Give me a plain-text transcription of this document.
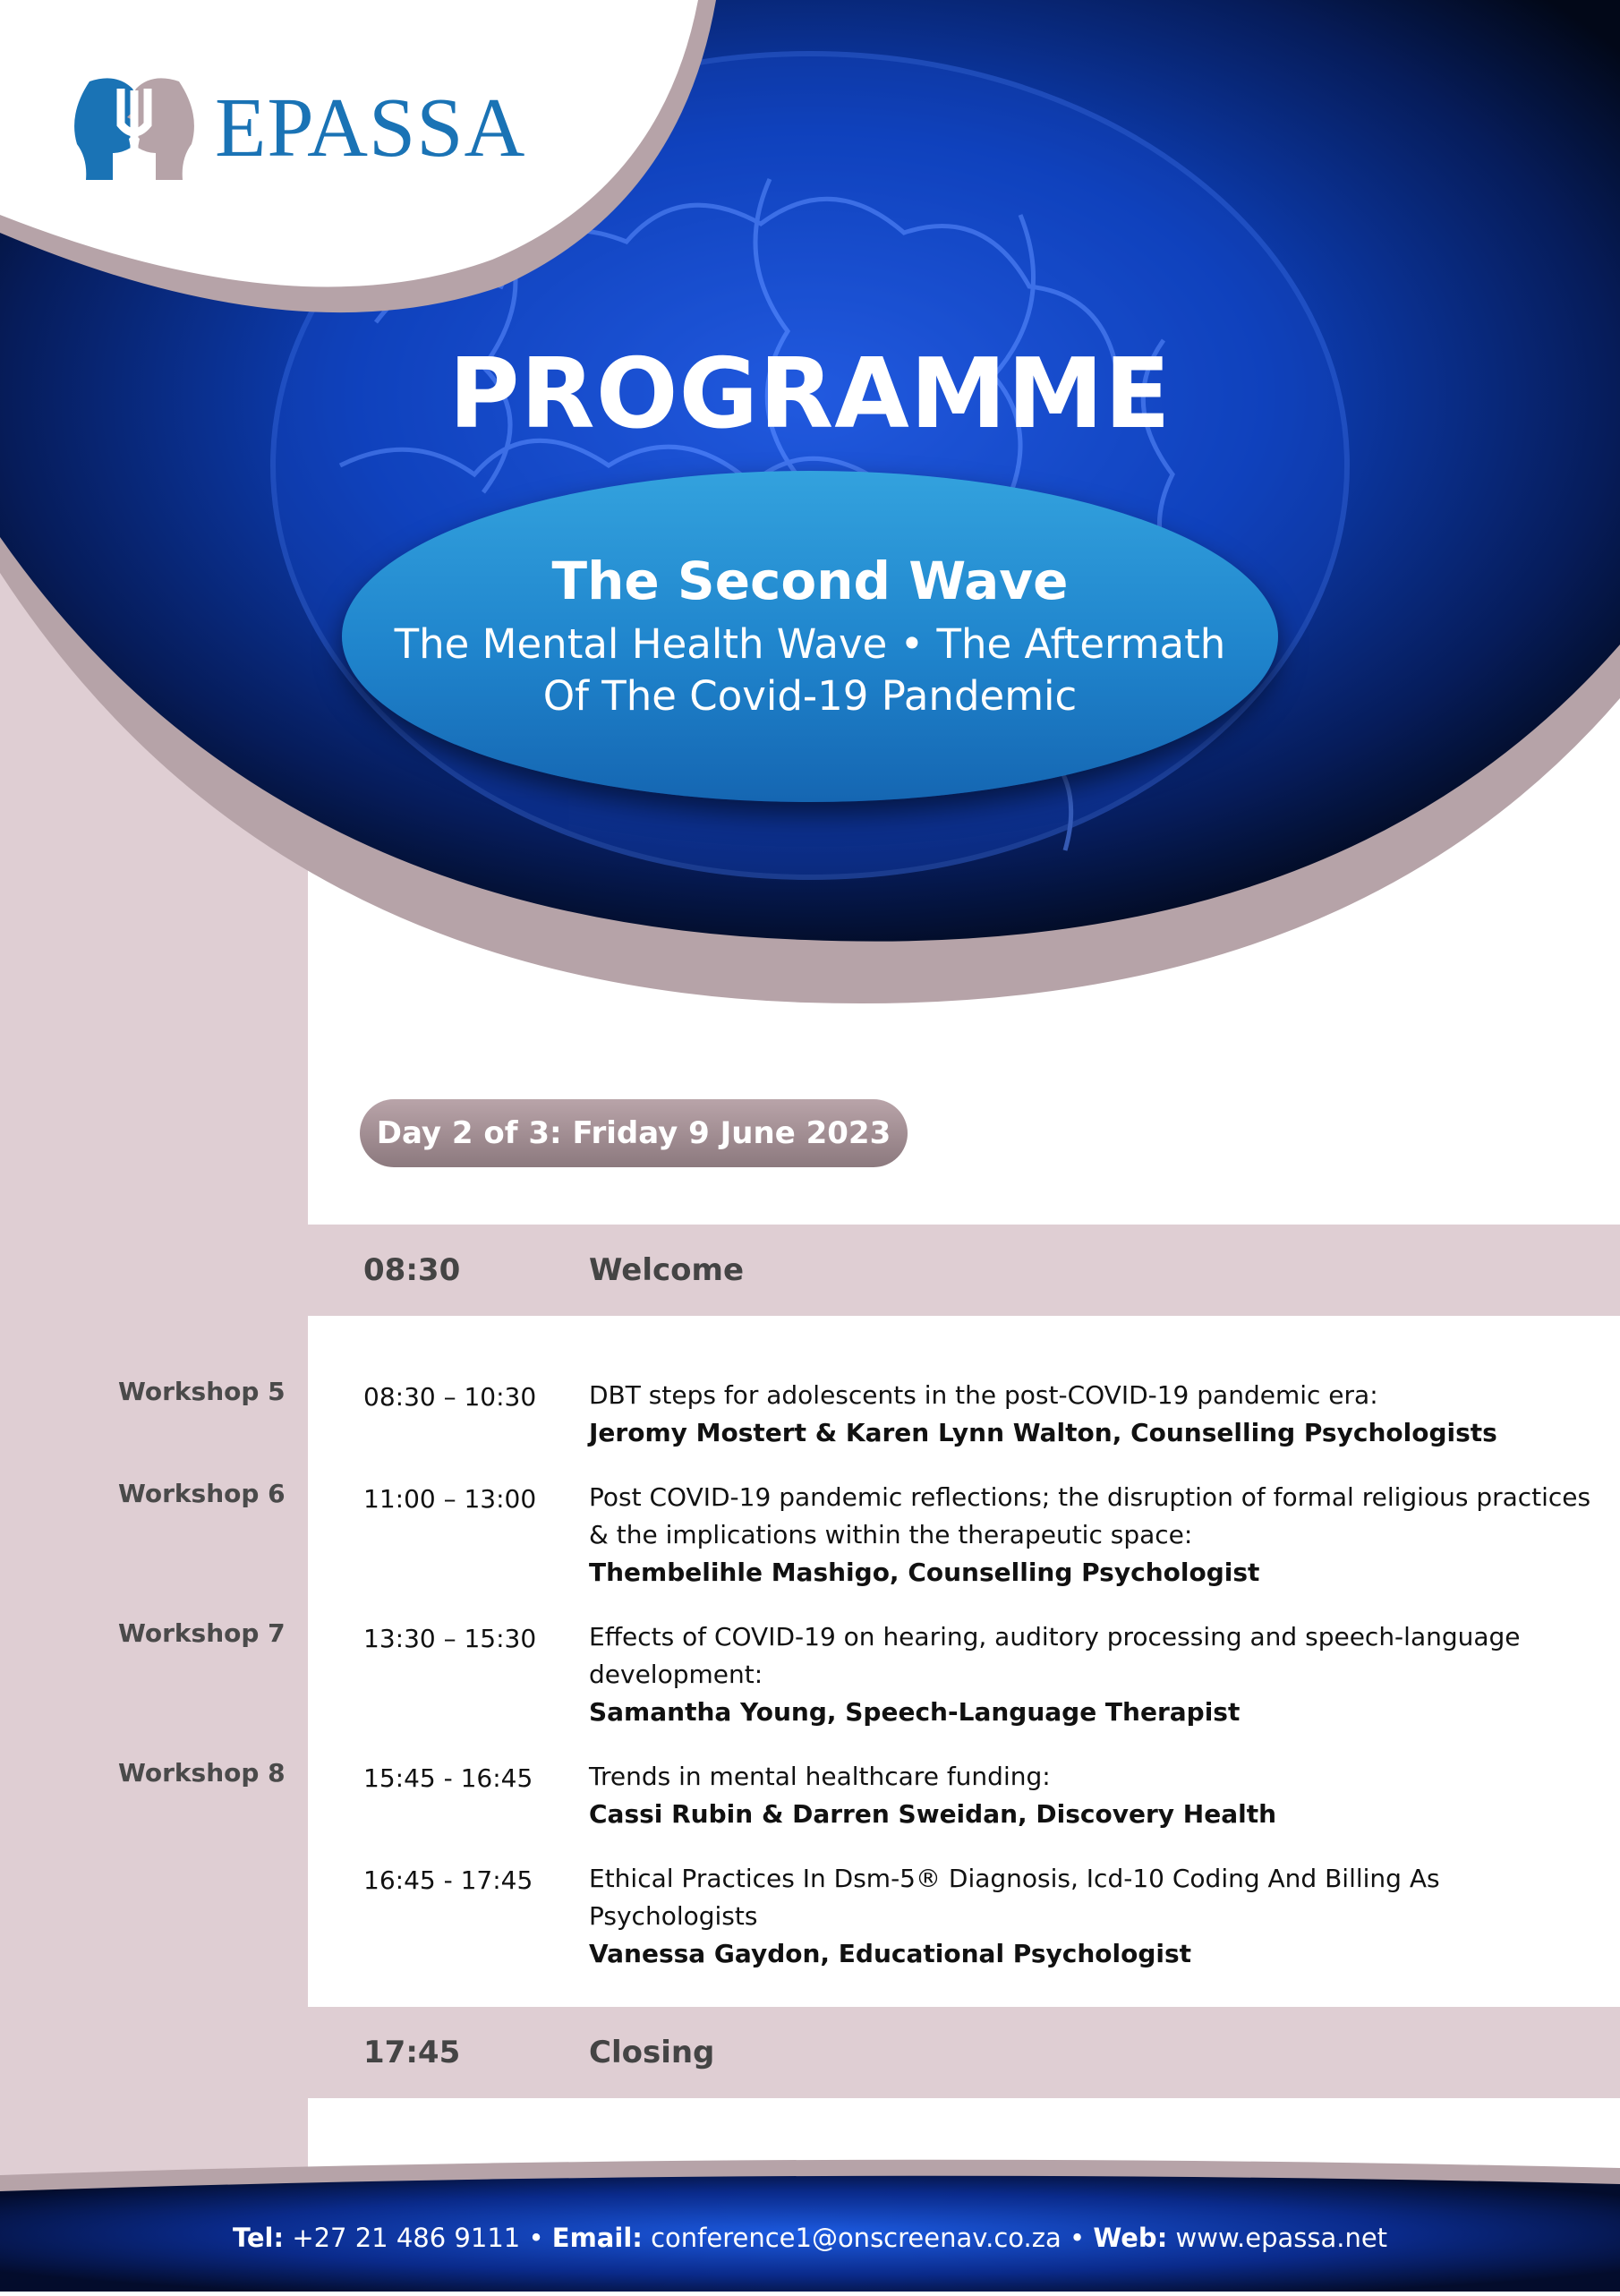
EPASSA
PROGRAMME
The Second Wave
The Mental Health Wave • The Aftermath
Of The Covid-19 Pandemic
Day 2 of 3: Friday 9 June 2023
08:30	Welcome
Workshop 5	08:30 – 10:30 DBT steps for adolescents in the post-COVID-19 pandemic era:
Jeromy Mostert & Karen Lynn Walton, Counselling Psychologists
Workshop 6	11:00 – 13:00 Post COVID-19 pandemic reflections; the disruption of formal religious practices & the implications within the therapeutic space:
Thembelihle Mashigo, Counselling Psychologist
Workshop 7	13:30 – 15:30 Effects of COVID-19 on hearing, auditory processing and speech-language development:
Samantha Young, Speech-Language Therapist
Workshop 8	15:45 - 16:45 Trends in mental healthcare funding:
Cassi Rubin & Darren Sweidan, Discovery Health
16:45 - 17:45 Ethical Practices In Dsm-5® Diagnosis, Icd-10 Coding And Billing As Psychologists
Vanessa Gaydon, Educational Psychologist
17:45	Closing
Tel: +27 21 486 9111 • Email: conference1@onscreenav.co.za • Web: www.epassa.net
